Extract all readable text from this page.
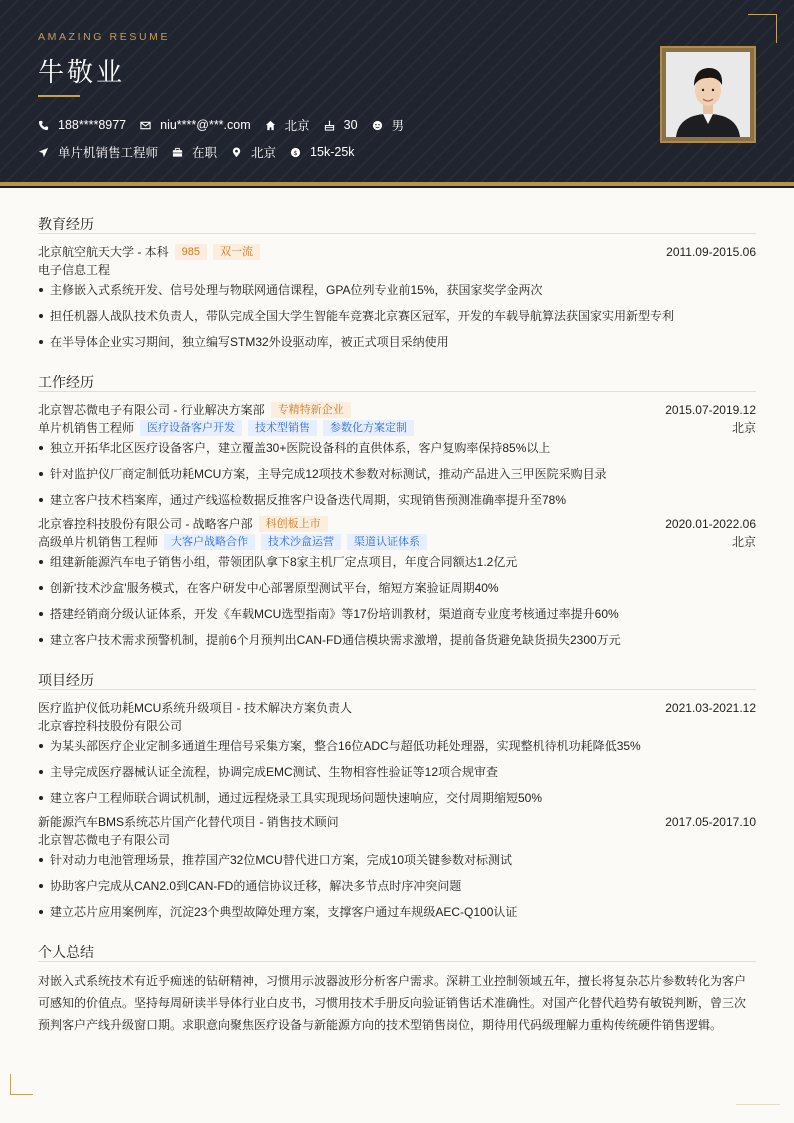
AMAZING RESUME
牛敬业
188****8977	niu****@***.com	北京	30	男
单片机销售工程师	在职	北京 $ 15k-25k
教育经历
北京航空航天大学 - 本科	985	双一流	2011.09-2015.06
电子信息工程
主修嵌入式系统开发、信号处理与物联网通信课程，GPA位列专业前15%，获国家奖学金两次
担任机器人战队技术负责人，带队完成全国大学生智能车竞赛北京赛区冠军，开发的车载导航算法获国家实用新型专利
在半导体企业实习期间，独立编写STM32外设驱动库，被正式项目采纳使用
工作经历
北京智芯微电子有限公司 - 行业解决方案部	专精特新企业	2015.07-2019.12
单片机销售工程师	医疗设备客户开发	技术型销售	参数化方案定制	北京
独立开拓华北区医疗设备客户，建立覆盖30+医院设备科的直供体系，客户复购率保持85%以上
针对监护仪厂商定制低功耗MCU方案，主导完成12项技术参数对标测试，推动产品进入三甲医院采购目录
建立客户技术档案库，通过产线巡检数据反推客户设备迭代周期，实现销售预测准确率提升至78%
北京睿控科技股份有限公司 - 战略客户部	科创板上市	2020.01-2022.06
高级单片机销售工程师	大客户战略合作	技术沙盒运营	渠道认证体系	北京
组建新能源汽车电子销售小组，带领团队拿下8家主机厂定点项目，年度合同额达1.2亿元
创新'技术沙盒'服务模式，在客户研发中心部署原型测试平台，缩短方案验证周期40%
搭建经销商分级认证体系，开发《车载MCU选型指南》等17份培训教材，渠道商专业度考核通过率提升60%
建立客户技术需求预警机制，提前6个月预判出CAN-FD通信模块需求激增，提前备货避免缺货损失2300万元
项目经历
医疗监护仪低功耗MCU系统升级项目 - 技术解决方案负责人	2021.03-2021.12
北京睿控科技股份有限公司
为某头部医疗企业定制多通道生理信号采集方案，整合16位ADC与超低功耗处理器，实现整机待机功耗降低35%
主导完成医疗器械认证全流程，协调完成EMC测试、生物相容性验证等12项合规审查
建立客户工程师联合调试机制，通过远程烧录工具实现现场问题快速响应，交付周期缩短50%
新能源汽车BMS系统芯片国产化替代项目 - 销售技术顾问	2017.05-2017.10
北京智芯微电子有限公司
针对动力电池管理场景，推荐国产32位MCU替代进口方案，完成10项关键参数对标测试
协助客户完成从CAN2.0到CAN-FD的通信协议迁移，解决多节点时序冲突问题
建立芯片应用案例库，沉淀23个典型故障处理方案，支撑客户通过车规级AEC-Q100认证
个人总结
对嵌入式系统技术有近乎痴迷的钻研精神，习惯用示波器波形分析客户需求。深耕工业控制领域五年，擅长将复杂芯片参数转化为客户可感知的价值点。坚持每周研读半导体行业白皮书，习惯用技术手册反向验证销售话术准确性。对国产化替代趋势有敏锐判断，曾三次预判客户产线升级窗口期。求职意向聚焦医疗设备与新能源方向的技术型销售岗位，期待用代码级理解力重构传统硬件销售逻辑。
